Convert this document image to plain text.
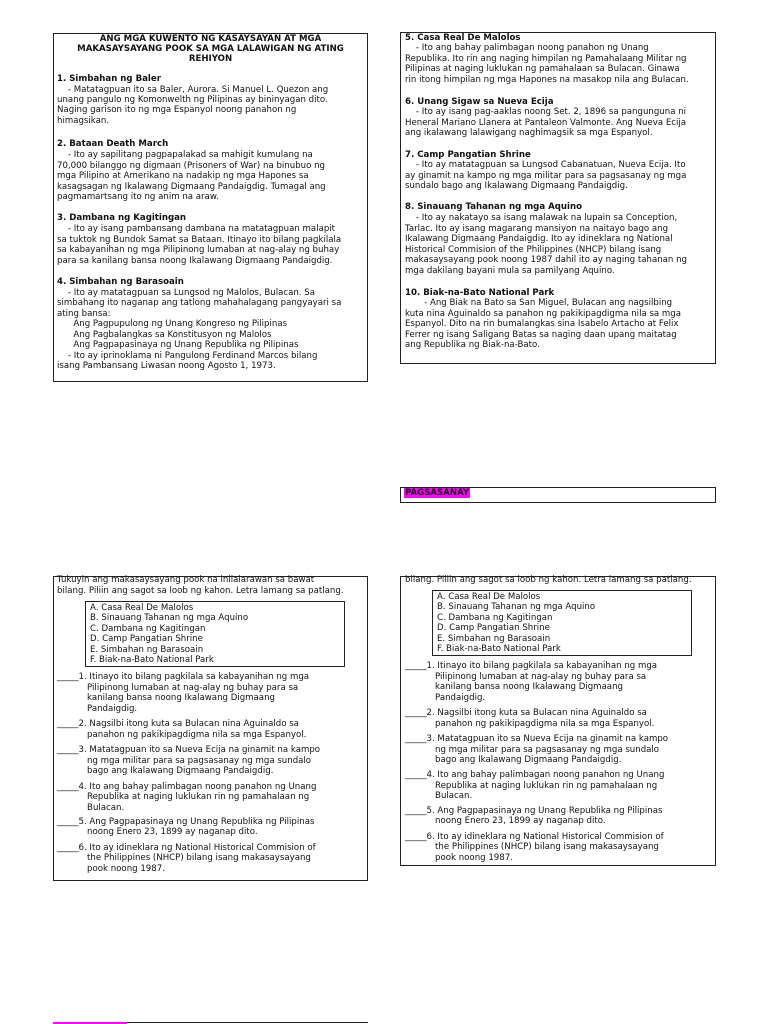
ANG MGA KUWENTO NG KASAYSAYAN AT MGA
MAKASAYSAYANG POOK SA MGA LALAWIGAN NG ATING
REHIYON
1. Simbahan ng Baler
- Matatagpuan ito sa Baler, Aurora. Si Manuel L. Quezon ang
unang pangulo ng Komonwelth ng Pilipinas ay bininyagan dito.
Naging garison ito ng mga Espanyol noong panahon ng
himagsikan.
2. Bataan Death March
- Ito ay sapilitang pagpapalakad sa mahigit kumulang na
70,000 bilanggo ng digmaan (Prisoners of War) na binubuo ng
mga Pilipino at Amerikano na nadakip ng mga Hapones sa
kasagsagan ng Ikalawang Digmaang Pandaigdig. Tumagal ang
pagmamartsang ito ng anim na araw.
3. Dambana ng Kagitingan
- Ito ay isang pambansang dambana na matatagpuan malapit
sa tuktok ng Bundok Samat sa Bataan. Itinayo ito bilang pagkilala
sa kabayanihan ng mga Pilipinong lumaban at nag-alay ng buhay
para sa kanilang bansa noong Ikalawang Digmaang Pandaigdig.
4. Simbahan ng Barasoain
- Ito ay matatagpuan sa Lungsod ng Malolos, Bulacan. Sa
simbahang ito naganap ang tatlong mahahalagang pangyayari sa
ating bansa:
Ang Pagpupulong ng Unang Kongreso ng Pilipinas
Ang Pagbalangkas sa Konstitusyon ng Malolos
Ang Pagpapasinaya ng Unang Republika ng Pilipinas
- Ito ay iprinoklama ni Pangulong Ferdinand Marcos bilang
isang Pambansang Liwasan noong Agosto 1, 1973.
5. Casa Real De Malolos
- Ito ang bahay palimbagan noong panahon ng Unang
Republika. Ito rin ang naging himpilan ng Pamahalaang Militar ng
Pilipinas at naging luklukan ng pamahalaan sa Bulacan. Ginawa
rin itong himpilan ng mga Hapones na masakop nila ang Bulacan.
6. Unang Sigaw sa Nueva Ecija
- Ito ay isang pag-aaklas noong Set. 2, 1896 sa pangunguna ni
Heneral Mariano Llanera at Pantaleon Valmonte. Ang Nueva Ecija
ang ikalawang lalawigang naghimagsik sa mga Espanyol.
7. Camp Pangatian Shrine
- Ito ay matatagpuan sa Lungsod Cabanatuan, Nueva Ecija. Ito
ay ginamit na kampo ng mga militar para sa pagsasanay ng mga
sundalo bago ang Ikalawang Digmaang Pandaigdig.
8. Sinauang Tahanan ng mga Aquino
- Ito ay nakatayo sa isang malawak na lupain sa Conception,
Tarlac. Ito ay isang magarang mansiyon na naitayo bago ang
Ikalawang Digmaang Pandaigdig. Ito ay idineklara ng National
Historical Commision of the Philippines (NHCP) bilang isang
makasaysayang pook noong 1987 dahil ito ay naging tahanan ng
mga dakilang bayani mula sa pamilyang Aquino.
10. Biak-na-Bato National Park
- Ang Biak na Bato sa San Miguel, Bulacan ang nagsilbing
kuta nina Aguinaldo sa panahon ng pakikipagdigma nila sa mga
Espanyol. Dito na rin bumalangkas sina Isabelo Artacho at Felix
Ferrer ng isang Saligang Batas sa naging daan upang maitatag
ang Republika ng Biak-na-Bato.
PAGSASANAY
Tukuyin ang makasaysayang pook na inilalarawan sa bawat
bilang. Piliin ang sagot sa loob ng kahon. Letra lamang sa patlang.
A. Casa Real De Malolos
B. Sinauang Tahanan ng mga Aquino
C. Dambana ng Kagitingan
D. Camp Pangatian Shrine
E. Simbahan ng Barasoain
F. Biak-na-Bato National Park
_____1. Itinayo ito bilang pagkilala sa kabayanihan ng mga
Pilipinong lumaban at nag-alay ng buhay para sa
kanilang bansa noong Ikalawang Digmaang
Pandaigdig.
_____2. Nagsilbi itong kuta sa Bulacan nina Aguinaldo sa
panahon ng pakikipagdigma nila sa mga Espanyol.
_____3. Matatagpuan ito sa Nueva Ecija na ginamit na kampo
ng mga militar para sa pagsasanay ng mga sundalo
bago ang Ikalawang Digmaang Pandaigdig.
_____4. Ito ang bahay palimbagan noong panahon ng Unang
Republika at naging luklukan rin ng pamahalaan ng
Bulacan.
_____5. Ang Pagpapasinaya ng Unang Republika ng Pilipinas
noong Enero 23, 1899 ay naganap dito.
_____6. Ito ay idineklara ng National Historical Commision of
the Philippines (NHCP) bilang isang makasaysayang
pook noong 1987.
bilang. Piliin ang sagot sa loob ng kahon. Letra lamang sa patlang.
A. Casa Real De Malolos
B. Sinauang Tahanan ng mga Aquino
C. Dambana ng Kagitingan
D. Camp Pangatian Shrine
E. Simbahan ng Barasoain
F. Biak-na-Bato National Park
_____1. Itinayo ito bilang pagkilala sa kabayanihan ng mga
Pilipinong lumaban at nag-alay ng buhay para sa
kanilang bansa noong Ikalawang Digmaang
Pandaigdig.
_____2. Nagsilbi itong kuta sa Bulacan nina Aguinaldo sa
panahon ng pakikipagdigma nila sa mga Espanyol.
_____3. Matatagpuan ito sa Nueva Ecija na ginamit na kampo
ng mga militar para sa pagsasanay ng mga sundalo
bago ang Ikalawang Digmaang Pandaigdig.
_____4. Ito ang bahay palimbagan noong panahon ng Unang
Republika at naging luklukan rin ng pamahalaan ng
Bulacan.
_____5. Ang Pagpapasinaya ng Unang Republika ng Pilipinas
noong Enero 23, 1899 ay naganap dito.
_____6. Ito ay idineklara ng National Historical Commision of
the Philippines (NHCP) bilang isang makasaysayang
pook noong 1987.
